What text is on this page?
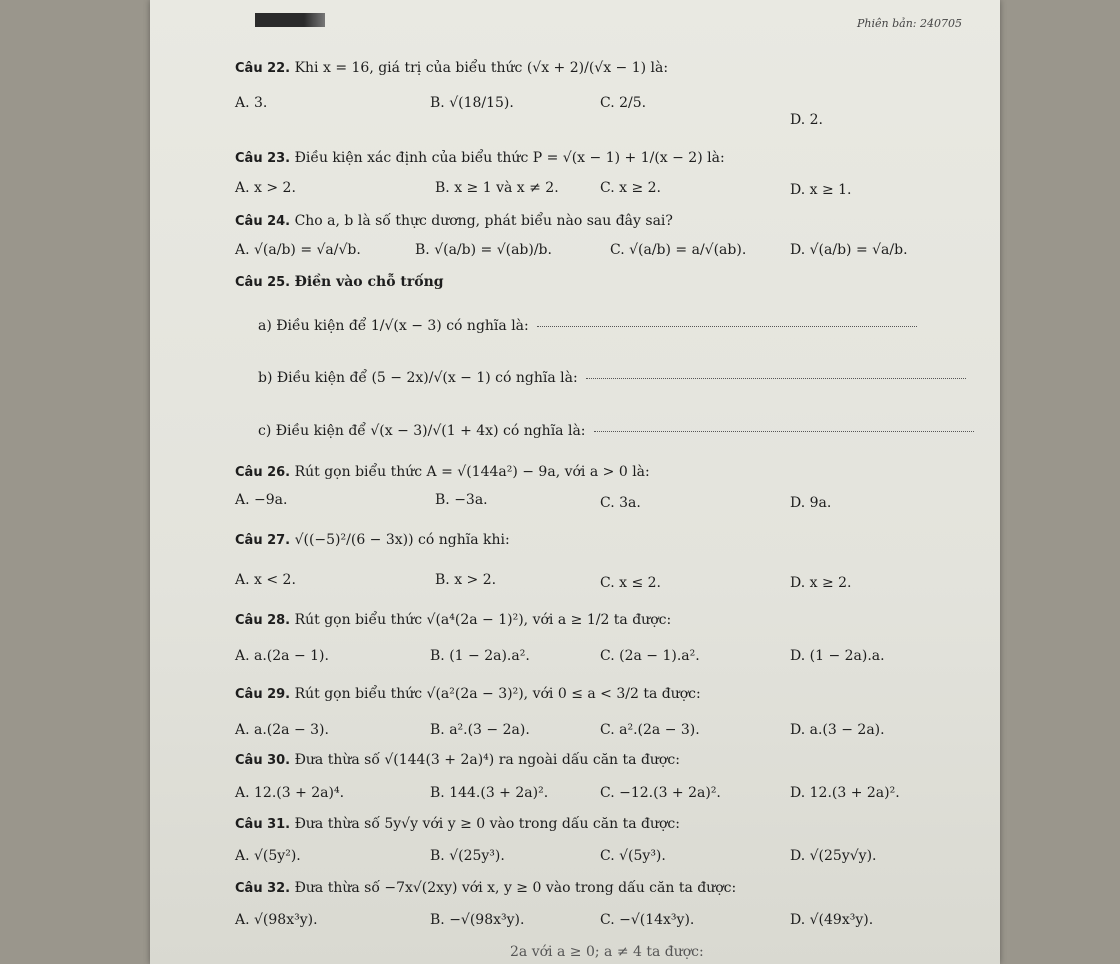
Phiên bản: 240705
Câu 22. Khi x = 16, giá trị của biểu thức (√x + 2)/(√x − 1) là:
A. 3.	B. √(18/15).	C. 2/5.
D. 2.
Câu 23. Điều kiện xác định của biểu thức P = √(x − 1) + 1/(x − 2) là:
A. x > 2.	B. x ≥ 1 và x ≠ 2.	C. x ≥ 2.	D. x ≥ 1.
Câu 24. Cho a, b là số thực dương, phát biểu nào sau đây sai?
A. √(a/b) = √a/√b.	B. √(a/b) = √(ab)/b.	C. √(a/b) = a/√(ab).	D. √(a/b) = √a/b.
Câu 25. Điền vào chỗ trống
a) Điều kiện để 1/√(x − 3) có nghĩa là:
b) Điều kiện để (5 − 2x)/√(x − 1) có nghĩa là:
c) Điều kiện để √(x − 3)/√(1 + 4x) có nghĩa là:
Câu 26. Rút gọn biểu thức A = √(144a²) − 9a, với a > 0 là:
A. −9a.	B. −3a.	C. 3a.	D. 9a.
Câu 27. √((−5)²/(6 − 3x)) có nghĩa khi:
A. x < 2.	B. x > 2.	C. x ≤ 2.	D. x ≥ 2.
Câu 28. Rút gọn biểu thức √(a⁴(2a − 1)²), với a ≥ 1/2 ta được:
A. a.(2a − 1).	B. (1 − 2a).a².	C. (2a − 1).a².	D. (1 − 2a).a.
Câu 29. Rút gọn biểu thức √(a²(2a − 3)²), với 0 ≤ a < 3/2 ta được:
A. a.(2a − 3).	B. a².(3 − 2a).	C. a².(2a − 3).	D. a.(3 − 2a).
Câu 30. Đưa thừa số √(144(3 + 2a)⁴) ra ngoài dấu căn ta được:
A. 12.(3 + 2a)⁴.	B. 144.(3 + 2a)².	C. −12.(3 + 2a)².	D. 12.(3 + 2a)².
Câu 31. Đưa thừa số 5y√y với y ≥ 0 vào trong dấu căn ta được:
A. √(5y²).	B. √(25y³).	C. √(5y³).	D. √(25y√y).
Câu 32. Đưa thừa số −7x√(2xy) với x, y ≥ 0 vào trong dấu căn ta được:
A. √(98x³y).	B. −√(98x³y).	C. −√(14x³y).	D. √(49x³y).
2a với a ≥ 0; a ≠ 4 ta được:
